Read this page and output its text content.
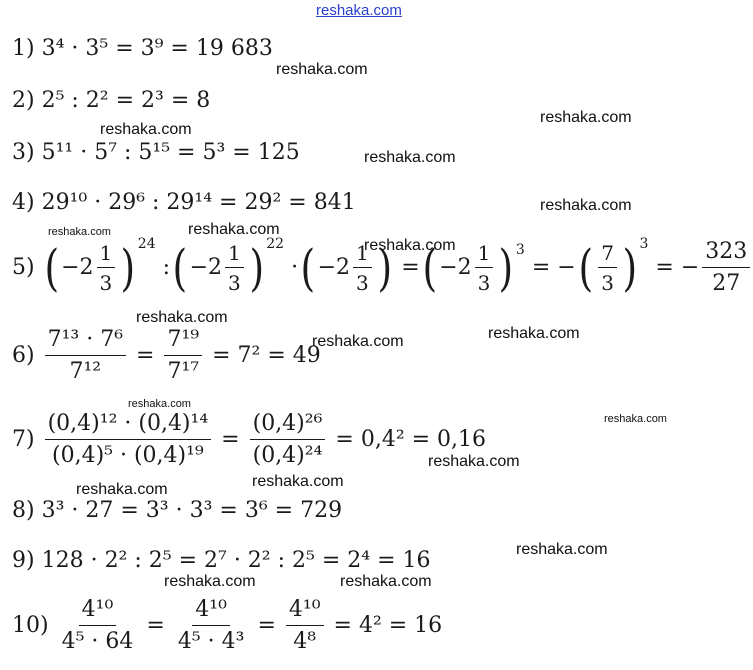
reshaka.com
1) 3⁴ · 3⁵ = 3⁹ = 19 683
2) 2⁵ : 2² = 2³ = 8
3) 5¹¹ · 5⁷ : 5¹⁵ = 5³ = 125
4) 29¹⁰ · 29⁶ : 29¹⁴ = 29² = 841
5) ( $-2 \frac{1}{3}$ ) $^{24}$ :( $-2 \frac{1}{3}$ ) $^{22}$ ·( $-2 \frac{1}{3}$ ) =( $-2 \frac{1}{3}$ ) $^3$ = −( $\frac{7}{3}$ ) $^3$ = − $\frac{323}{27}$
$6) \frac{\text{7¹³ · 7⁶}}{\text{7¹²}} = \frac{\text{7¹⁹}}{\text{7¹⁷}} = 7^2 = 49$
$7) \frac{\text{(0,4)¹² · (0,4)¹⁴}}{\text{(0,4)⁵ · (0,4)¹⁹}} = \frac{\text{(0,4)²⁶}}{\text{(0,4)²⁴}} = 0,4^2 = 0,16$
8) 3³ · 27 = 3³ · 3³ = 3⁶ = 729
9) 128 · 2² : 2⁵ = 2⁷ · 2² : 2⁵ = 2⁴ = 16
$10) \frac{\text{4¹⁰}}{\text{4⁵ · 64}} = \frac{\text{4¹⁰}}{\text{4⁵ · 4³}} = \frac{\text{4¹⁰}}{\text{4⁸}} = 4^2 = 16$
reshaka.com
reshaka.com
reshaka.com
reshaka.com
reshaka.com
reshaka.com	reshaka.com
reshaka.com
reshaka.com
reshaka.com
reshaka.com
reshaka.com
reshaka.com
reshaka.com
reshaka.com
reshaka.com
reshaka.com
reshaka.com	reshaka.com
